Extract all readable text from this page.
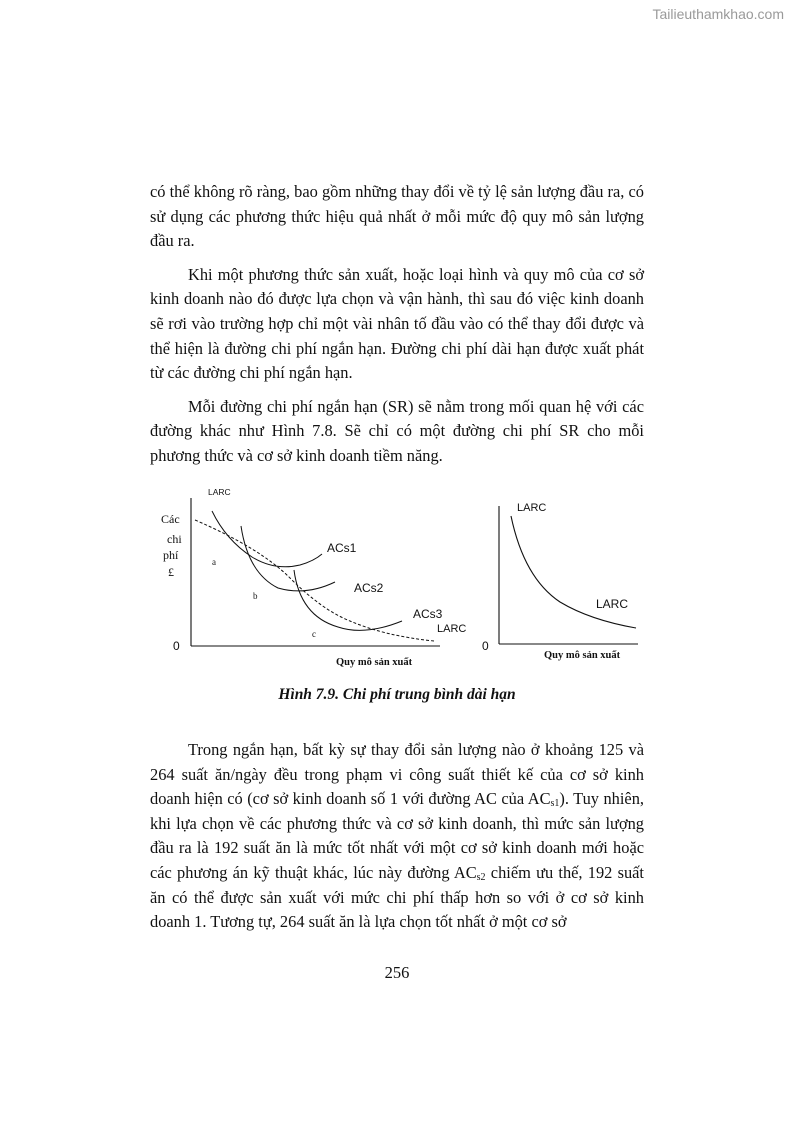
Tailieuthamkhao.com

có thể không rõ ràng, bao gồm những thay đổi về tỷ lệ sản lượng đầu ra, có sử dụng các phương thức hiệu quả nhất ở mỗi mức độ quy mô sản lượng đầu ra.

Khi một phương thức sản xuất, hoặc loại hình và quy mô của cơ sở kinh doanh nào đó được lựa chọn và vận hành, thì sau đó việc kinh doanh sẽ rơi vào trường hợp chỉ một vài nhân tố đầu vào có thể thay đổi được và thể hiện là đường chi phí ngắn hạn. Đường chi phí dài hạn được xuất phát từ các đường chi phí ngắn hạn.

Mỗi đường chi phí ngắn hạn (SR) sẽ nằm trong mối quan hệ với các đường khác như Hình 7.8. Sẽ chỉ có một đường chi phí SR cho mỗi phương thức và cơ sở kinh doanh tiềm năng.

LARC
Các
chi
phí
£
0
Quy mô sản xuất
ACs1
ACs2
ACs3
LARC
a
b
c
LARC
LARC
0
Quy mô sản xuất
Hình 7.9. Chi phí trung bình dài hạn

Trong ngắn hạn, bất kỳ sự thay đổi sản lượng nào ở khoảng 125 và 264 suất ăn/ngày đều trong phạm vi công suất thiết kế của cơ sở kinh doanh hiện có (cơ sở kinh doanh số 1 với đường AC của $AC_{s1}$). Tuy nhiên, khi lựa chọn về các phương thức và cơ sở kinh doanh, thì mức sản lượng đầu ra là 192 suất ăn là mức tốt nhất với một cơ sở kinh doanh mới hoặc các phương án kỹ thuật khác, lúc này đường $AC_{s2}$ chiếm ưu thế, 192 suất ăn có thể được sản xuất với mức chi phí thấp hơn so với ở cơ sở kinh doanh 1. Tương tự, 264 suất ăn là lựa chọn tốt nhất ở một cơ sở

256
